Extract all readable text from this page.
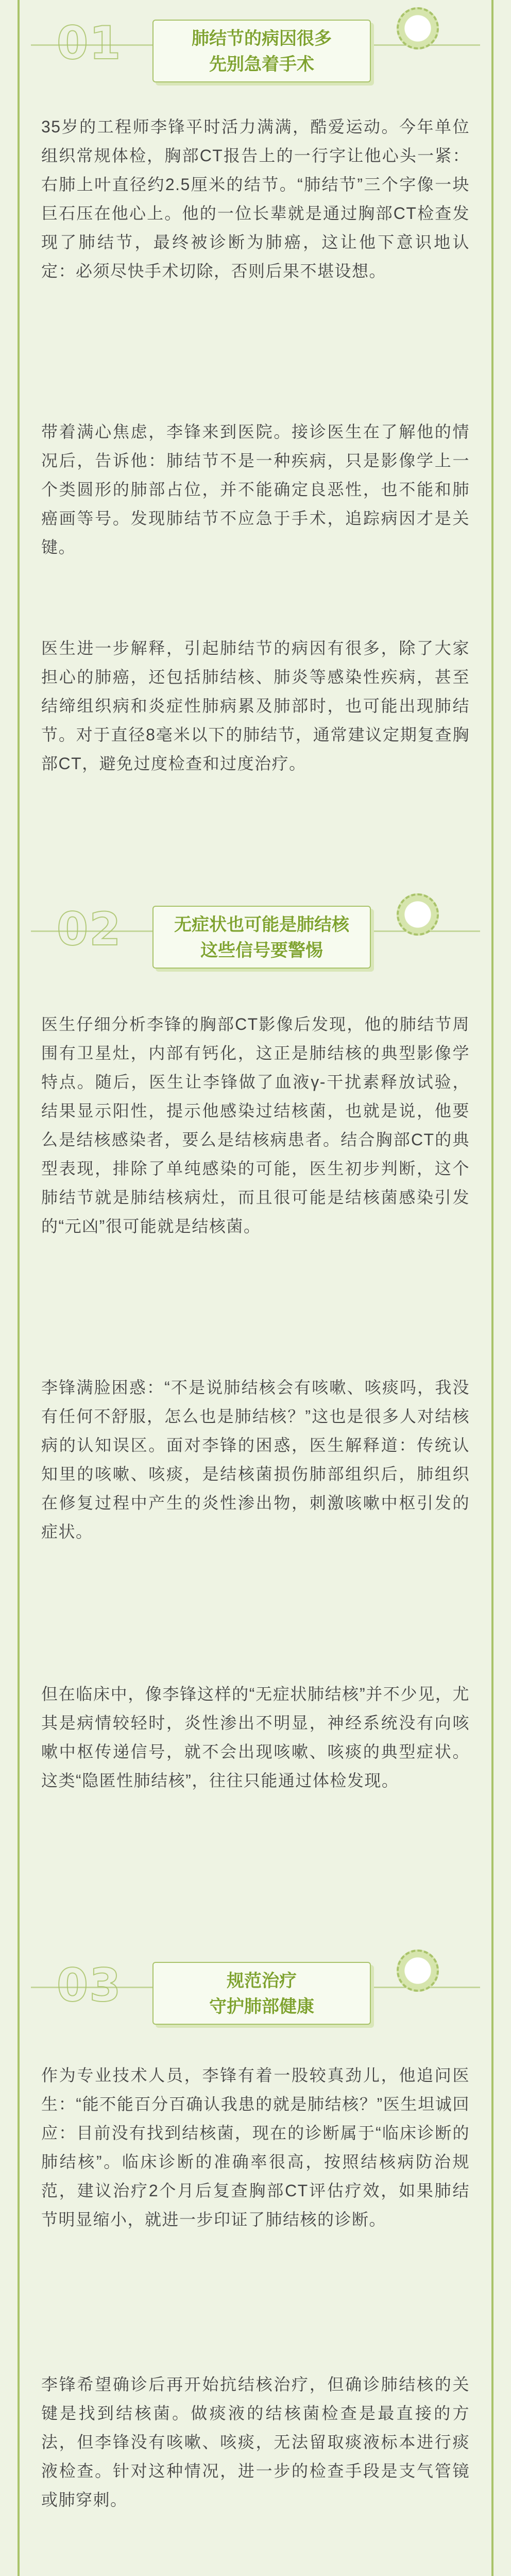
01	肺结节的病因很多
先别急着手术

35岁的工程师李锋平时活力满满，酷爱运动。今年单位组织常规体检，胸部CT报告上的一行字让他心头一紧：右肺上叶直径约2.5厘米的结节。“肺结节”三个字像一块巨石压在他心上。他的一位长辈就是通过胸部CT检查发现了肺结节，最终被诊断为肺癌，这让他下意识地认定：必须尽快手术切除，否则后果不堪设想。

带着满心焦虑，李锋来到医院。接诊医生在了解他的情况后，告诉他：肺结节不是一种疾病，只是影像学上一个类圆形的肺部占位，并不能确定良恶性，也不能和肺癌画等号。发现肺结节不应急于手术，追踪病因才是关键。

医生进一步解释，引起肺结节的病因有很多，除了大家担心的肺癌，还包括肺结核、肺炎等感染性疾病，甚至结缔组织病和炎症性肺病累及肺部时，也可能出现肺结节。对于直径8毫米以下的肺结节，通常建议定期复查胸部CT，避免过度检查和过度治疗。

02	无症状也可能是肺结核
这些信号要警惕

医生仔细分析李锋的胸部CT影像后发现，他的肺结节周围有卫星灶，内部有钙化，这正是肺结核的典型影像学特点。随后，医生让李锋做了血液γ-干扰素释放试验，结果显示阳性，提示他感染过结核菌，也就是说，他要么是结核感染者，要么是结核病患者。结合胸部CT的典型表现，排除了单纯感染的可能，医生初步判断，这个肺结节就是肺结核病灶，而且很可能是结核菌感染引发的“元凶”很可能就是结核菌。

李锋满脸困惑：“不是说肺结核会有咳嗽、咳痰吗，我没有任何不舒服，怎么也是肺结核？”这也是很多人对结核病的认知误区。面对李锋的困惑，医生解释道：传统认知里的咳嗽、咳痰，是结核菌损伤肺部组织后，肺组织在修复过程中产生的炎性渗出物，刺激咳嗽中枢引发的症状。

但在临床中，像李锋这样的“无症状肺结核”并不少见，尤其是病情较轻时，炎性渗出不明显，神经系统没有向咳嗽中枢传递信号，就不会出现咳嗽、咳痰的典型症状。这类“隐匿性肺结核”，往往只能通过体检发现。

03	规范治疗
守护肺部健康

作为专业技术人员，李锋有着一股较真劲儿，他追问医生：“能不能百分百确认我患的就是肺结核？”医生坦诚回应：目前没有找到结核菌，现在的诊断属于“临床诊断的肺结核”。临床诊断的准确率很高，按照结核病防治规范，建议治疗2个月后复查胸部CT评估疗效，如果肺结节明显缩小，就进一步印证了肺结核的诊断。

李锋希望确诊后再开始抗结核治疗，但确诊肺结核的关键是找到结核菌。做痰液的结核菌检查是最直接的方法，但李锋没有咳嗽、咳痰，无法留取痰液标本进行痰液检查。针对这种情况，进一步的检查手段是支气管镜或肺穿刺。
